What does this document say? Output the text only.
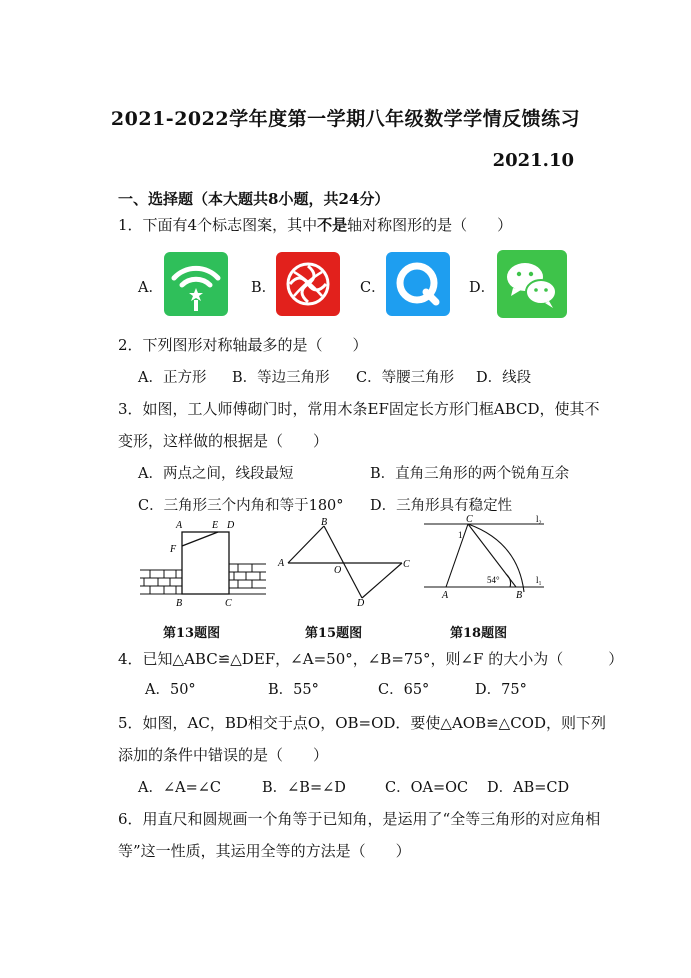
2021-2022学年度第一学期八年级数学学情反馈练习
2021.10
一、选择题（本大题共8小题，共24分）
1．下面有4个标志图案，其中不是轴对称图形的是（　　）
A．	B．	C．	D．
2．下列图形对称轴最多的是（　　）
A．正方形 B．等边三角形 C．等腰三角形 D．线段
3．如图，工人师傅砌门时，常用木条EF固定长方形门框ABCD，使其不
变形，这样做的根据是（　　）
A．两点之间，线段最短	B．直角三角形的两个锐角互余
C．三角形三个内角和等于180° D．三角形具有稳定性
A	E D
F
B	C
B
A
O
C
D
C	l₂
1
54°	l₁
A	B
第13题图	第15题图	第18题图
4．已知△ABC≌△DEF，∠A=50°，∠B=75°，则∠F 的大小为（　　　）
A．50°	B．55°	C．65°	D．75°
5．如图，AC，BD相交于点O，OB=OD．要使△AOB≌△COD，则下列
添加的条件中错误的是（　　）
A．∠A=∠C	B．∠B=∠D	C．OA=OC D．AB=CD
6．用直尺和圆规画一个角等于已知角，是运用了“全等三角形的对应角相
等”这一性质，其运用全等的方法是（　　）
